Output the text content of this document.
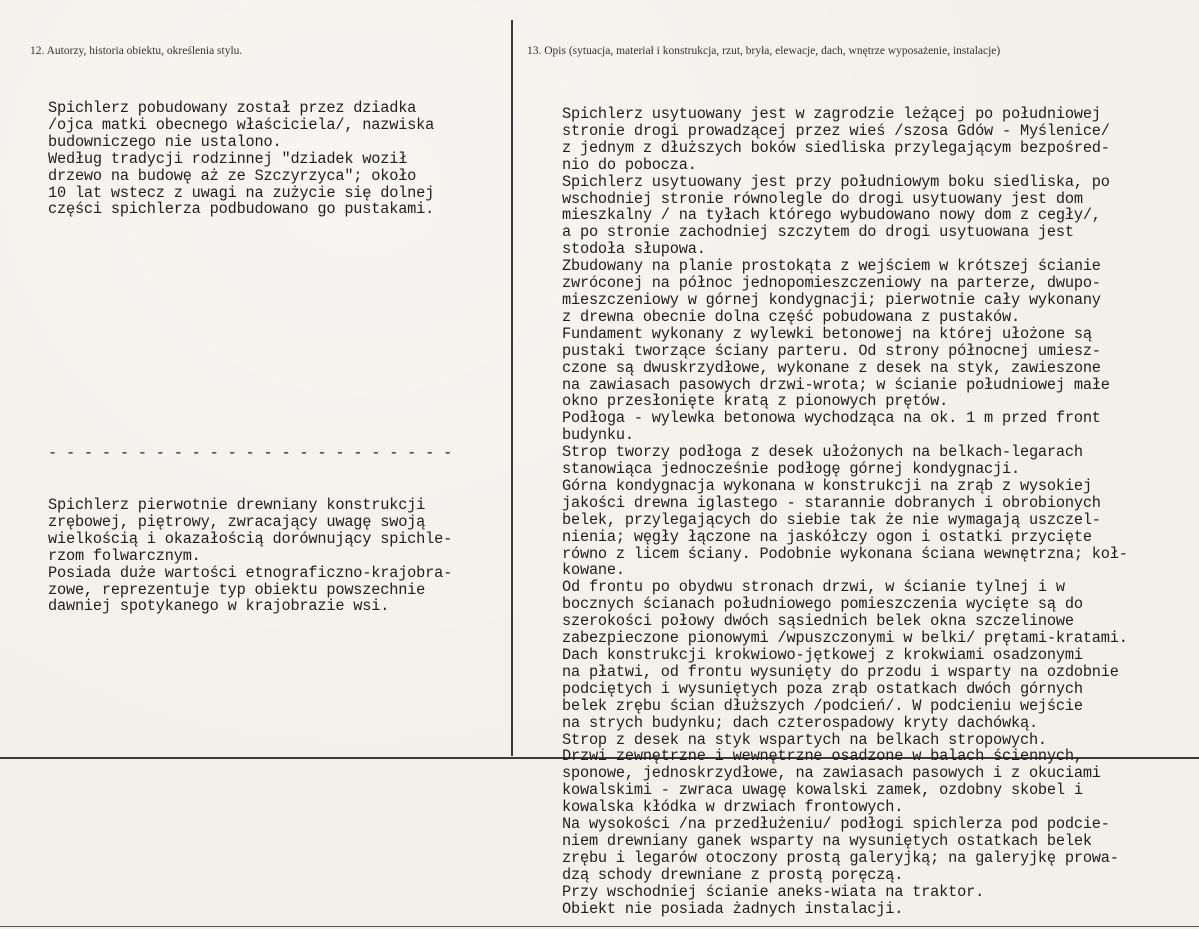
12. Autorzy, historia obiektu, określenia stylu.	13. Opis (sytuacja, materiał i konstrukcja, rzut, bryła, elewacje, dach, wnętrze wyposażenie, instalacje)
Spichlerz pobudowany został przez dziadka
/ojca matki obecnego właściciela/, nazwiska
budowniczego nie ustalono.
Według tradycji rodzinnej "dziadek woził
drzewo na budowę aż ze Szczyrzyca"; około
10 lat wstecz z uwagi na zużycie się dolnej
części spichlerza podbudowano go pustakami.
- - - - - - - - - - - - - - - - - - - - - - -
Spichlerz pierwotnie drewniany konstrukcji
zrębowej, piętrowy, zwracający uwagę swoją
wielkością i okazałością dorównujący spichle-
rzom folwarcznym.
Posiada duże wartości etnograficzno-krajobra-
zowe, reprezentuje typ obiektu powszechnie
dawniej spotykanego w krajobrazie wsi.
Spichlerz usytuowany jest w zagrodzie leżącej po południowej
stronie drogi prowadzącej przez wieś /szosa Gdów - Myślenice/
z jednym z dłuższych boków siedliska przylegającym bezpośred-
nio do pobocza.
Spichlerz usytuowany jest przy południowym boku siedliska, po
wschodniej stronie równolegle do drogi usytuowany jest dom
mieszkalny / na tyłach którego wybudowano nowy dom z cegły/,
a po stronie zachodniej szczytem do drogi usytuowana jest
stodoła słupowa.
Zbudowany na planie prostokąta z wejściem w krótszej ścianie
zwróconej na północ jednopomieszczeniowy na parterze, dwupo-
mieszczeniowy w górnej kondygnacji; pierwotnie cały wykonany
z drewna obecnie dolna część pobudowana z pustaków.
Fundament wykonany z wylewki betonowej na której ułożone są
pustaki tworzące ściany parteru. Od strony północnej umiesz-
czone są dwuskrzydłowe, wykonane z desek na styk, zawieszone
na zawiasach pasowych drzwi-wrota; w ścianie południowej małe
okno przesłonięte kratą z pionowych prętów.
Podłoga - wylewka betonowa wychodząca na ok. 1 m przed front
budynku.
Strop tworzy podłoga z desek ułożonych na belkach-legarach
stanowiąca jednocześnie podłogę górnej kondygnacji.
Górna kondygnacja wykonana w konstrukcji na zrąb z wysokiej
jakości drewna iglastego - starannie dobranych i obrobionych
belek, przylegających do siebie tak że nie wymagają uszczel-
nienia; węgły łączone na jaskółczy ogon i ostatki przycięte
równo z licem ściany. Podobnie wykonana ściana wewnętrzna; koł-
kowane.
Od frontu po obydwu stronach drzwi, w ścianie tylnej i w
bocznych ścianach południowego pomieszczenia wycięte są do
szerokości połowy dwóch sąsiednich belek okna szczelinowe
zabezpieczone pionowymi /wpuszczonymi w belki/ prętami-kratami.
Dach konstrukcji krokwiowo-jętkowej z krokwiami osadzonymi
na płatwi, od frontu wysunięty do przodu i wsparty na ozdobnie
podciętych i wysuniętych poza zrąb ostatkach dwóch górnych
belek zrębu ścian dłuższych /podcień/. W podcieniu wejście
na strych budynku; dach czterospadowy kryty dachówką.
Strop z desek na styk wspartych na belkach stropowych.
Drzwi zewnętrzne i wewnętrzne osadzone w balach ściennych,
sponowe, jednoskrzydłowe, na zawiasach pasowych i z okuciami
kowalskimi - zwraca uwagę kowalski zamek, ozdobny skobel i
kowalska kłódka w drzwiach frontowych.
Na wysokości /na przedłużeniu/ podłogi spichlerza pod podcie-
niem drewniany ganek wsparty na wysuniętych ostatkach belek
zrębu i legarów otoczony prostą galeryjką; na galeryjkę prowa-
dzą schody drewniane z prostą poręczą.
Przy wschodniej ścianie aneks-wiata na traktor.
Obiekt nie posiada żadnych instalacji.
